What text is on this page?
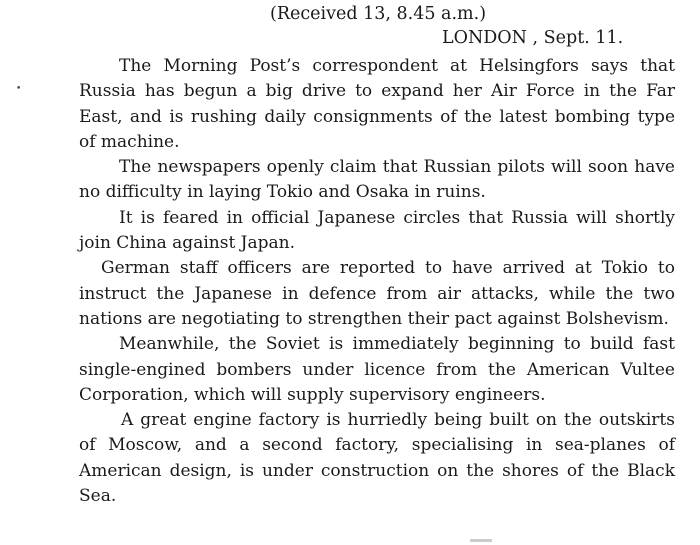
(Received 13, 8.45 a.m.)
LONDON , Sept. 11.
•

The Morning Post’s correspondent at Helsingfors says that Russia has begun a big drive to expand her Air Force in the Far East, and is rushing daily consignments of the latest bombing type of machine.

The newspapers openly claim that Russian pilots will soon have no difficulty in laying Tokio and Osaka in ruins.

It is feared in official Japanese circles that Russia will shortly join China against Japan.

German staff officers are reported to have arrived at Tokio to instruct the Japanese in defence from air attacks, while the two nations are negotiating to strengthen their pact against Bolshevism.

Meanwhile, the Soviet is immediately beginning to build fast single-engined bombers under licence from the American Vultee Corporation, which will supply supervisory engineers.

A great engine factory is hurriedly being built on the outskirts of Moscow, and a second factory, specialising in sea-planes of American design, is under construction on the shores of the Black Sea.
